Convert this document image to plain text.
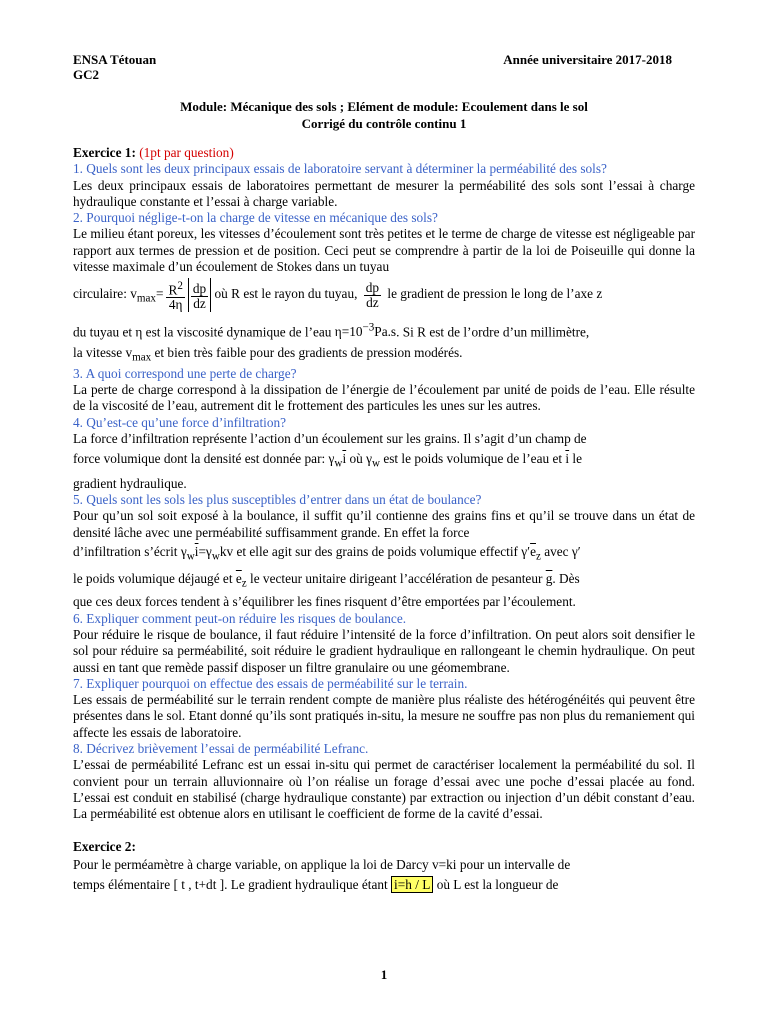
ENSA Tétouan
GC2
Année universitaire 2017-2018
Module: Mécanique des sols ; Elément de module: Ecoulement dans le sol
Corrigé du contrôle continu 1

Exercice 1: (1pt par question)

1. Quels sont les deux principaux essais de laboratoire servant à déterminer la perméabilité des sols?

Les deux principaux essais de laboratoires permettant de mesurer la perméabilité des sols sont l’essai à charge hydraulique constante et l’essai à charge variable.

2. Pourquoi néglige-t-on la charge de vitesse en mécanique des sols?

Le milieu étant poreux, les vitesses d’écoulement sont très petites et le terme de charge de vitesse est négligeable par rapport aux termes de pression et de position. Ceci peut se comprendre à partir de la loi de Poiseuille qui donne la vitesse maximale d’un écoulement de Stokes dans un tuyau

circulaire: $v_{max}= \frac{R^2}{4\eta} \frac{dp}{dz}$ où R est le rayon du tuyau, $\frac{dp}{dz}$ le gradient de pression le long de l’axe z

du tuyau et η est la viscosité dynamique de l’eau $\eta=10^{-3}Pa.s$. Si R est de l’ordre d’un millimètre,

la vitesse $v_{max}$ et bien très faible pour des gradients de pression modérés.

3. A quoi correspond une perte de charge?

La perte de charge correspond à la dissipation de l’énergie de l’écoulement par unité de poids de l’eau. Elle résulte de la viscosité de l’eau, autrement dit le frottement des particules les unes sur les autres.

4. Qu’est-ce qu’une force d’infiltration?

La force d’infiltration représente l’action d’un écoulement sur les grains. Il s’agit d’un champ de

force volumique dont la densité est donnée par: $\gamma_w\overline{i}$ où $\gamma_w$ est le poids volumique de l’eau et $\overline{i}$ le

gradient hydraulique.

5. Quels sont les sols les plus susceptibles d’entrer dans un état de boulance?

Pour qu’un sol soit exposé à la boulance, il suffit qu’il contienne des grains fins et qu’il se trouve dans un état de densité lâche avec une perméabilité suffisamment grande. En effet la force

d’infiltration s’écrit $\gamma_w\overline{i}=\gamma_wkv$ et elle agit sur des grains de poids volumique effectif $\gamma'\overline{e}_z$ avec γ′

le poids volumique déjaugé et $\overline{e}_z$ le vecteur unitaire dirigeant l’accélération de pesanteur $\overline{g}$. Dès

que ces deux forces tendent à s’équilibrer les fines risquent d’être emportées par l’écoulement.

6. Expliquer comment peut-on réduire les risques de boulance.

Pour réduire le risque de boulance, il faut réduire l’intensité de la force d’infiltration. On peut alors soit densifier le sol pour réduire sa perméabilité, soit réduire le gradient hydraulique en rallongeant le chemin hydraulique. On peut aussi en tant que remède passif disposer un filtre granulaire ou une géomembrane.

7. Expliquer pourquoi on effectue des essais de perméabilité sur le terrain.

Les essais de perméabilité sur le terrain rendent compte de manière plus réaliste des hétérogénéités qui peuvent être présentes dans le sol. Etant donné qu’ils sont pratiqués in-situ, la mesure ne souffre pas non plus du remaniement qui affecte les essais de laboratoire.

8. Décrivez brièvement l’essai de perméabilité Lefranc.

L’essai de perméabilité Lefranc est un essai in-situ qui permet de caractériser localement la perméabilité du sol. Il convient pour un terrain alluvionnaire où l’on réalise un forage d’essai avec une poche d’essai placée au fond. L’essai est conduit en stabilisé (charge hydraulique constante) par extraction ou injection d’un débit constant d’eau. La perméabilité est obtenue alors en utilisant le coefficient de forme de la cavité d’essai.

Exercice 2:

Pour le perméamètre à charge variable, on applique la loi de Darcy v=ki pour un intervalle de

temps élémentaire [ t , t+dt ]. Le gradient hydraulique étant i=h / L où L est la longueur de

1
